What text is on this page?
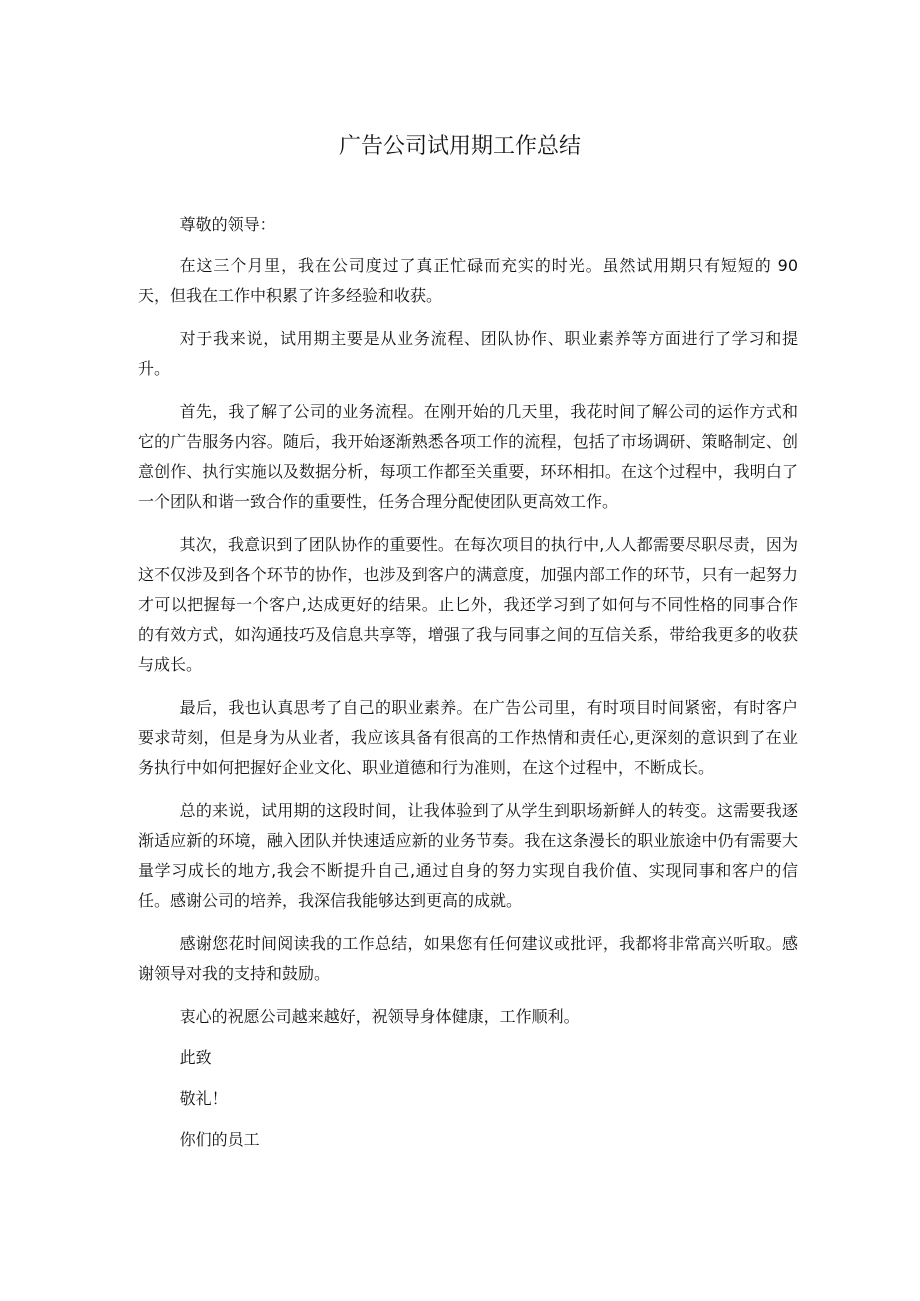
广告公司试用期工作总结

尊敬的领导：

在这三个月里，我在公司度过了真正忙碌而充实的时光。虽然试用期只有短短的 90 天，但我在工作中积累了许多经验和收获。

对于我来说，试用期主要是从业务流程、团队协作、职业素养等方面进行了学习和提升。

首先，我了解了公司的业务流程。在刚开始的几天里，我花时间了解公司的运作方式和它的广告服务内容。随后，我开始逐渐熟悉各项工作的流程，包括了市场调研、策略制定、创意创作、执行实施以及数据分析，每项工作都至关重要，环环相扣。在这个过程中，我明白了一个团队和谐一致合作的重要性，任务合理分配使团队更高效工作。

其次，我意识到了团队协作的重要性。在每次项目的执行中,人人都需要尽职尽责，因为这不仅涉及到各个环节的协作，也涉及到客户的满意度，加强内部工作的环节，只有一起努力才可以把握每一个客户,达成更好的结果。止匕外，我还学习到了如何与不同性格的同事合作的有效方式，如沟通技巧及信息共享等，增强了我与同事之间的互信关系，带给我更多的收获与成长。

最后，我也认真思考了自己的职业素养。在广告公司里，有时项目时间紧密，有时客户要求苛刻，但是身为从业者，我应该具备有很高的工作热情和责任心,更深刻的意识到了在业务执行中如何把握好企业文化、职业道德和行为准则，在这个过程中，不断成长。

总的来说，试用期的这段时间，让我体验到了从学生到职场新鲜人的转变。这需要我逐渐适应新的环境，融入团队并快速适应新的业务节奏。我在这条漫长的职业旅途中仍有需要大量学习成长的地方,我会不断提升自己,通过自身的努力实现自我价值、实现同事和客户的信任。感谢公司的培养，我深信我能够达到更高的成就。

感谢您花时间阅读我的工作总结，如果您有任何建议或批评，我都将非常高兴听取。感谢领导对我的支持和鼓励。

衷心的祝愿公司越来越好，祝领导身体健康，工作顺利。

此致

敬礼！

你们的员工
